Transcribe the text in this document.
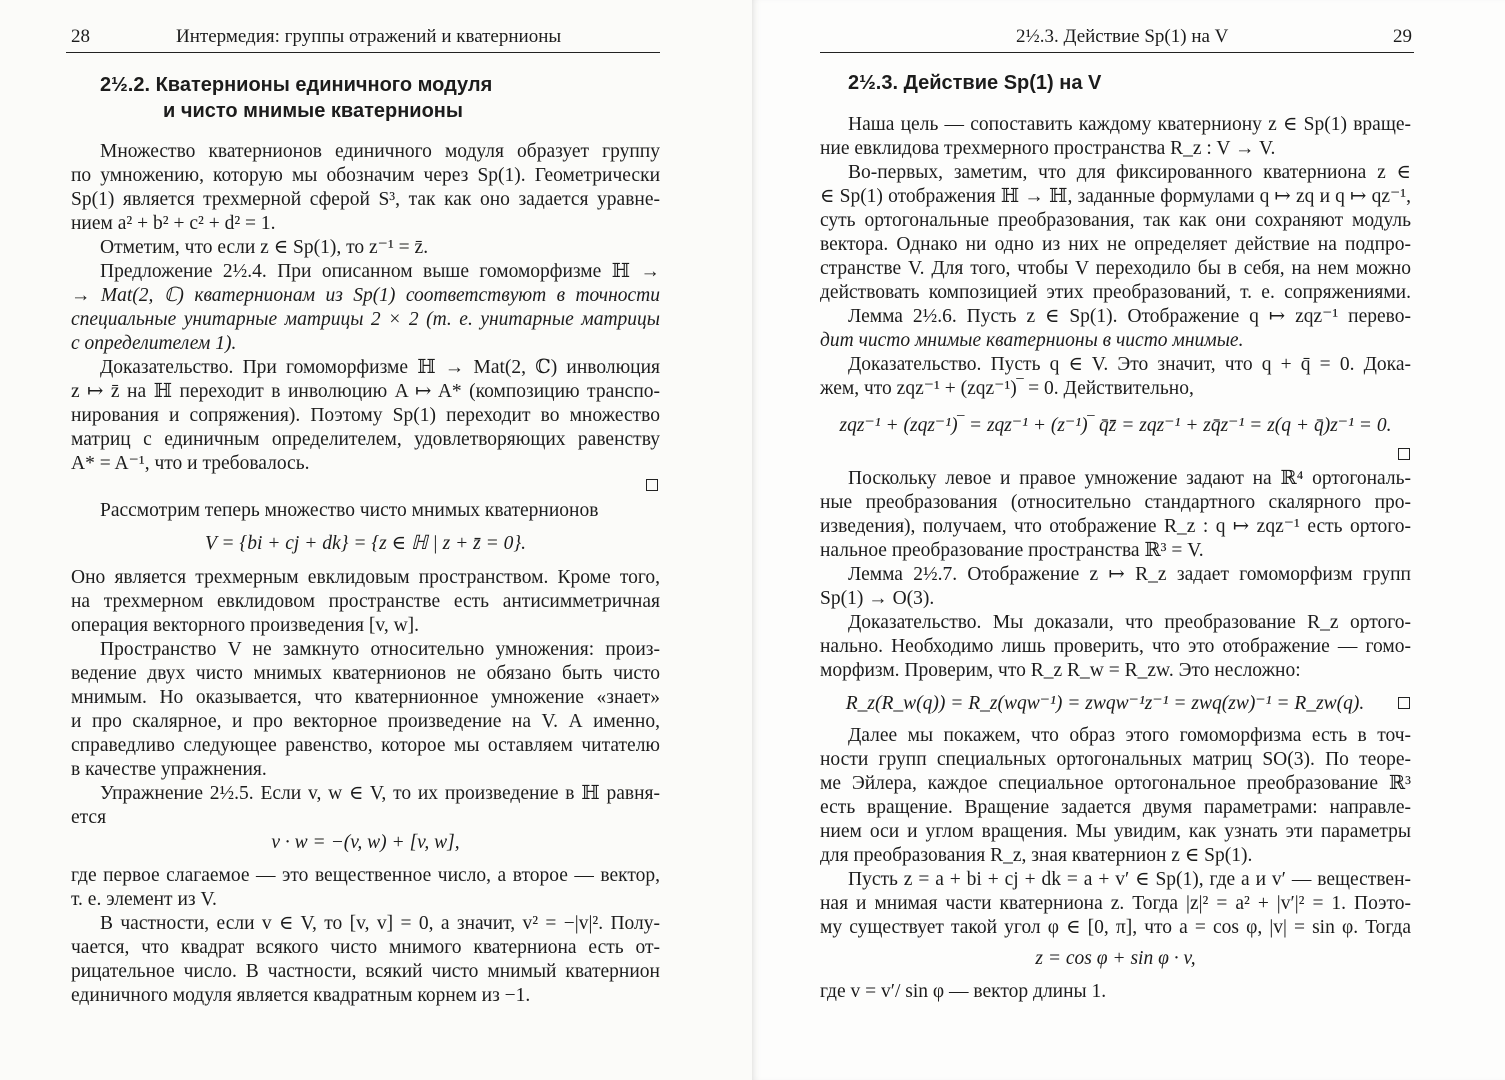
28	Интермедия: группы отражений и кватернионы
2½.2. Кватернионы единичного модуля
и чисто мнимые кватернионы
Множество кватернионов единичного модуля образует группу
по умножению, которую мы обозначим через Sp(1). Геометрически
Sp(1) является трехмерной сферой S³, так как оно задается уравне-
нием a² + b² + c² + d² = 1.
Отметим, что если z ∈ Sp(1), то z⁻¹ = z̄.
Предложение 2½.4. При описанном выше гомоморфизме ℍ →
→ Mat(2, ℂ) кватернионам из Sp(1) соответствуют в точности
специальные унитарные матрицы 2 × 2 (т. е. унитарные матрицы
с определителем 1).
Доказательство. При гомоморфизме ℍ → Mat(2, ℂ) инволюция
z ↦ z̄ на ℍ переходит в инволюцию A ↦ A* (композицию транспо-
нирования и сопряжения). Поэтому Sp(1) переходит во множество
матриц с единичным определителем, удовлетворяющих равенству
A* = A⁻¹, что и требовалось.
Рассмотрим теперь множество чисто мнимых кватернионов
V = {bi + cj + dk} = {z ∈ ℍ | z + z̄ = 0}.
Оно является трехмерным евклидовым пространством. Кроме того,
на трехмерном евклидовом пространстве есть антисимметричная
операция векторного произведения [v, w].
Пространство V не замкнуто относительно умножения: произ-
ведение двух чисто мнимых кватернионов не обязано быть чисто
мнимым. Но оказывается, что кватернионное умножение «знает»
и про скалярное, и про векторное произведение на V. А именно,
справедливо следующее равенство, которое мы оставляем читателю
в качестве упражнения.
Упражнение 2½.5. Если v, w ∈ V, то их произведение в ℍ равня-
ется
v · w = −(v, w) + [v, w],
где первое слагаемое — это вещественное число, а второе — вектор,
т. е. элемент из V.
В частности, если v ∈ V, то [v, v] = 0, а значит, v² = −|v|². Полу-
чается, что квадрат всякого чисто мнимого кватерниона есть от-
рицательное число. В частности, всякий чисто мнимый кватернион
единичного модуля является квадратным корнем из −1.
2½.3. Действие Sp(1) на V	29
2½.3. Действие Sp(1) на V
Наша цель — сопоставить каждому кватерниону z ∈ Sp(1) враще-
ние евклидова трехмерного пространства R_z : V → V.
Во-первых, заметим, что для фиксированного кватерниона z ∈
∈ Sp(1) отображения ℍ → ℍ, заданные формулами q ↦ zq и q ↦ qz⁻¹,
суть ортогональные преобразования, так как они сохраняют модуль
вектора. Однако ни одно из них не определяет действие на подпро-
странстве V. Для того, чтобы V переходило бы в себя, на нем можно
действовать композицией этих преобразований, т. е. сопряжениями.
Лемма 2½.6. Пусть z ∈ Sp(1). Отображение q ↦ zqz⁻¹ перево-
дит чисто мнимые кватернионы в чисто мнимые.
Доказательство. Пусть q ∈ V. Это значит, что q + q̄ = 0. Дока-
жем, что zqz⁻¹ + (zqz⁻¹)‾ = 0. Действительно,
zqz⁻¹ + (zqz⁻¹)‾ = zqz⁻¹ + (z⁻¹)‾ q̄z̄ = zqz⁻¹ + zq̄z⁻¹ = z(q + q̄)z⁻¹ = 0.
Поскольку левое и правое умножение задают на ℝ⁴ ортогональ-
ные преобразования (относительно стандартного скалярного про-
изведения), получаем, что отображение R_z : q ↦ zqz⁻¹ есть ортого-
нальное преобразование пространства ℝ³ = V.
Лемма 2½.7. Отображение z ↦ R_z задает гомоморфизм групп
Sp(1) → O(3).
Доказательство. Мы доказали, что преобразование R_z ортого-
нально. Необходимо лишь проверить, что это отображение — гомо-
морфизм. Проверим, что R_z R_w = R_zw. Это несложно:
R_z(R_w(q)) = R_z(wqw⁻¹) = zwqw⁻¹z⁻¹ = zwq(zw)⁻¹ = R_zw(q).
Далее мы покажем, что образ этого гомоморфизма есть в точ-
ности групп специальных ортогональных матриц SO(3). По теоре-
ме Эйлера, каждое специальное ортогональное преобразование ℝ³
есть вращение. Вращение задается двумя параметрами: направле-
нием оси и углом вращения. Мы увидим, как узнать эти параметры
для преобразования R_z, зная кватернион z ∈ Sp(1).
Пусть z = a + bi + cj + dk = a + v′ ∈ Sp(1), где a и v′ — веществен-
ная и мнимая части кватерниона z. Тогда |z|² = a² + |v′|² = 1. Поэто-
му существует такой угол φ ∈ [0, π], что a = cos φ, |v| = sin φ. Тогда
z = cos φ + sin φ · v,
где v = v′/ sin φ — вектор длины 1.
